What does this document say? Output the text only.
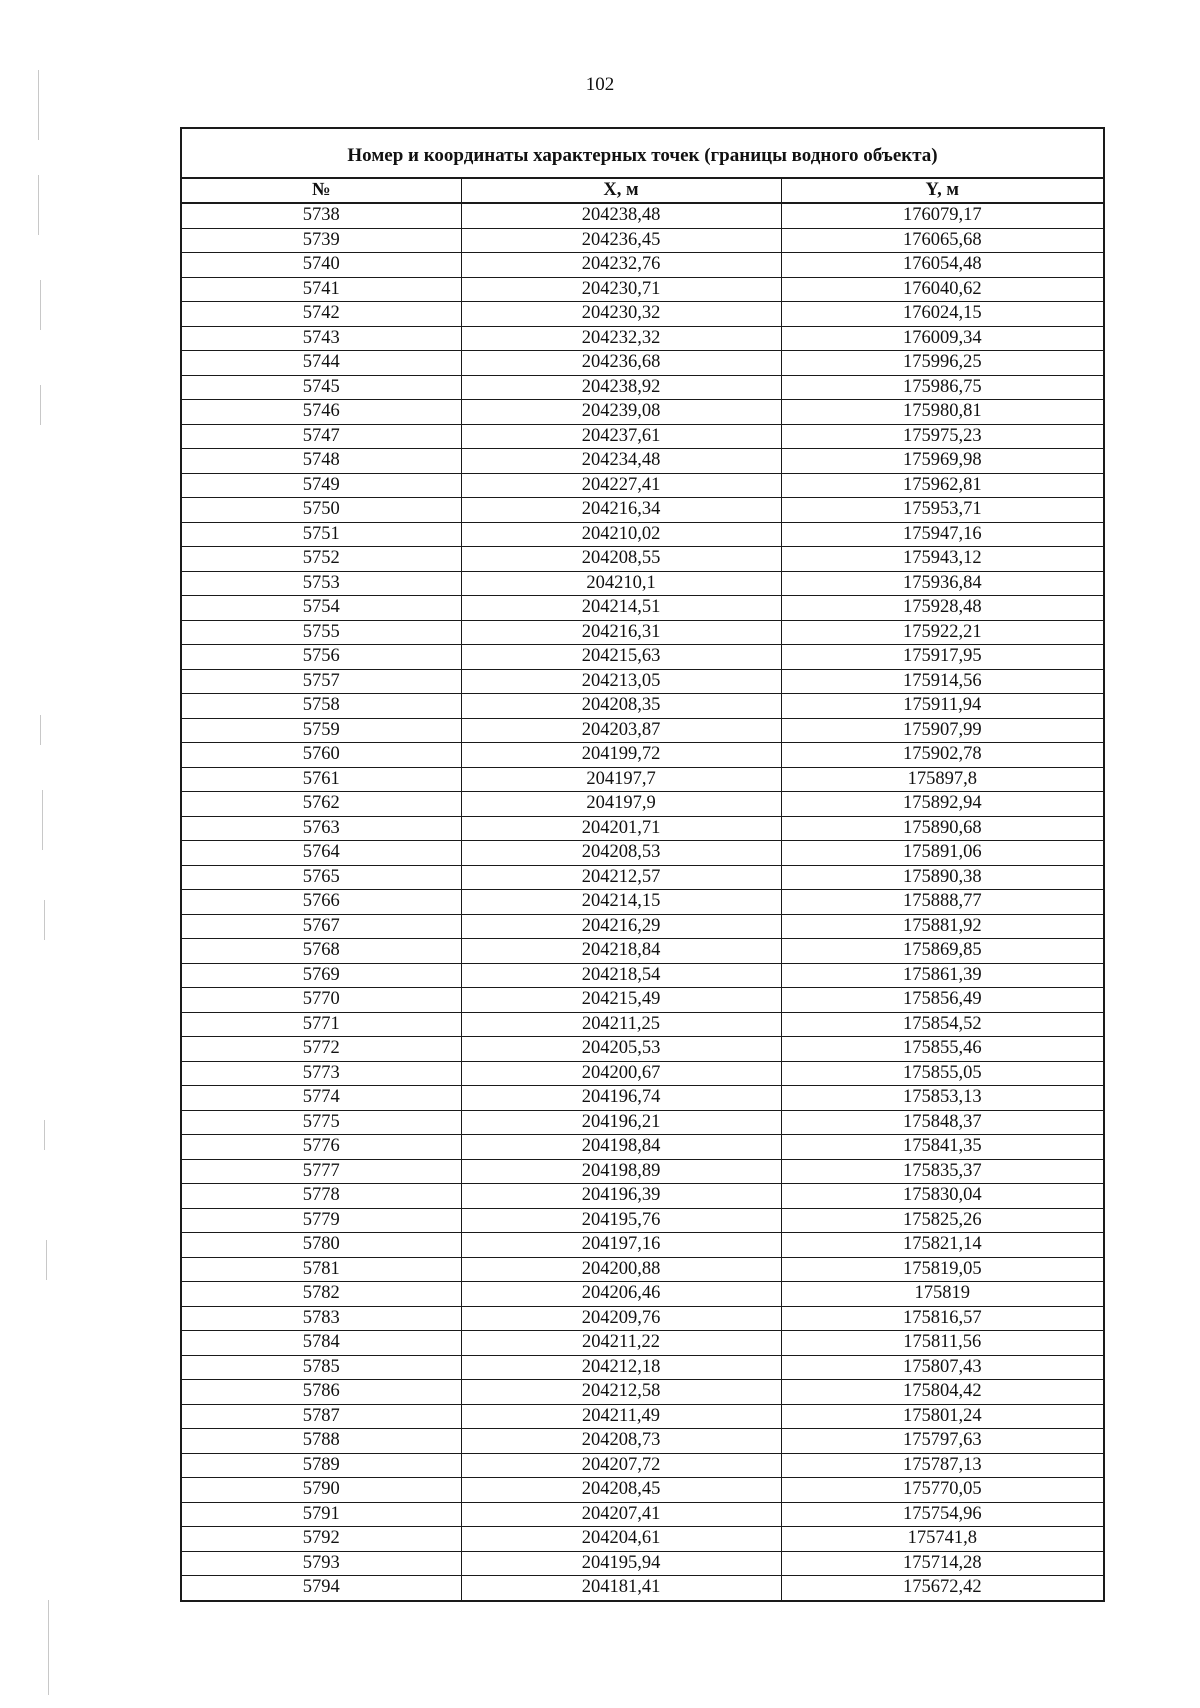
102
Номер и координаты характерных точек (границы водного объекта)
№	X, м	Y, м
5738	204238,48	176079,17
5739	204236,45	176065,68
5740	204232,76	176054,48
5741	204230,71	176040,62
5742	204230,32	176024,15
5743	204232,32	176009,34
5744	204236,68	175996,25
5745	204238,92	175986,75
5746	204239,08	175980,81
5747	204237,61	175975,23
5748	204234,48	175969,98
5749	204227,41	175962,81
5750	204216,34	175953,71
5751	204210,02	175947,16
5752	204208,55	175943,12
5753	204210,1	175936,84
5754	204214,51	175928,48
5755	204216,31	175922,21
5756	204215,63	175917,95
5757	204213,05	175914,56
5758	204208,35	175911,94
5759	204203,87	175907,99
5760	204199,72	175902,78
5761	204197,7	175897,8
5762	204197,9	175892,94
5763	204201,71	175890,68
5764	204208,53	175891,06
5765	204212,57	175890,38
5766	204214,15	175888,77
5767	204216,29	175881,92
5768	204218,84	175869,85
5769	204218,54	175861,39
5770	204215,49	175856,49
5771	204211,25	175854,52
5772	204205,53	175855,46
5773	204200,67	175855,05
5774	204196,74	175853,13
5775	204196,21	175848,37
5776	204198,84	175841,35
5777	204198,89	175835,37
5778	204196,39	175830,04
5779	204195,76	175825,26
5780	204197,16	175821,14
5781	204200,88	175819,05
5782	204206,46	175819
5783	204209,76	175816,57
5784	204211,22	175811,56
5785	204212,18	175807,43
5786	204212,58	175804,42
5787	204211,49	175801,24
5788	204208,73	175797,63
5789	204207,72	175787,13
5790	204208,45	175770,05
5791	204207,41	175754,96
5792	204204,61	175741,8
5793	204195,94	175714,28
5794	204181,41	175672,42
